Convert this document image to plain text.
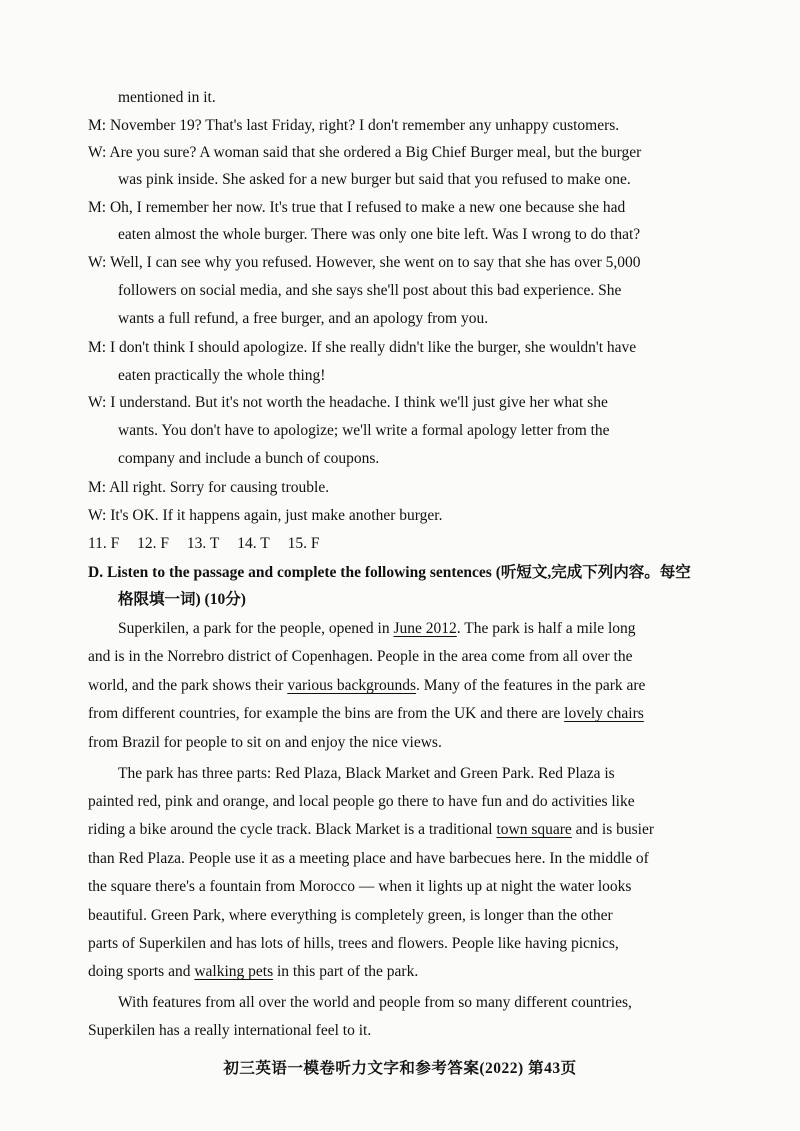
mentioned in it.
M: November 19? That's last Friday, right? I don't remember any unhappy customers.
W: Are you sure? A woman said that she ordered a Big Chief Burger meal, but the burger
was pink inside. She asked for a new burger but said that you refused to make one.
M: Oh, I remember her now. It's true that I refused to make a new one because she had
eaten almost the whole burger. There was only one bite left. Was I wrong to do that?
W: Well, I can see why you refused. However, she went on to say that she has over 5,000
followers on social media, and she says she'll post about this bad experience. She
wants a full refund, a free burger, and an apology from you.
M: I don't think I should apologize. If she really didn't like the burger, she wouldn't have
eaten practically the whole thing!
W: I understand. But it's not worth the headache. I think we'll just give her what she
wants. You don't have to apologize; we'll write a formal apology letter from the
company and include a bunch of coupons.
M: All right. Sorry for causing trouble.
W: It's OK. If it happens again, just make another burger.
11. F 12. F 13. T 14. T 15. F
D. Listen to the passage and complete the following sentences (听短文,完成下列内容。每空
格限填一词) (10分)
Superkilen, a park for the people, opened in June 2012. The park is half a mile long
and is in the Norrebro district of Copenhagen. People in the area come from all over the
world, and the park shows their various backgrounds. Many of the features in the park are
from different countries, for example the bins are from the UK and there are lovely chairs
from Brazil for people to sit on and enjoy the nice views.
The park has three parts: Red Plaza, Black Market and Green Park. Red Plaza is
painted red, pink and orange, and local people go there to have fun and do activities like
riding a bike around the cycle track. Black Market is a traditional town square and is busier
than Red Plaza. People use it as a meeting place and have barbecues here. In the middle of
the square there's a fountain from Morocco — when it lights up at night the water looks
beautiful. Green Park, where everything is completely green, is longer than the other
parts of Superkilen and has lots of hills, trees and flowers. People like having picnics,
doing sports and walking pets in this part of the park.
With features from all over the world and people from so many different countries,
Superkilen has a really international feel to it.
初三英语一模卷听力文字和参考答案(2022) 第43页
